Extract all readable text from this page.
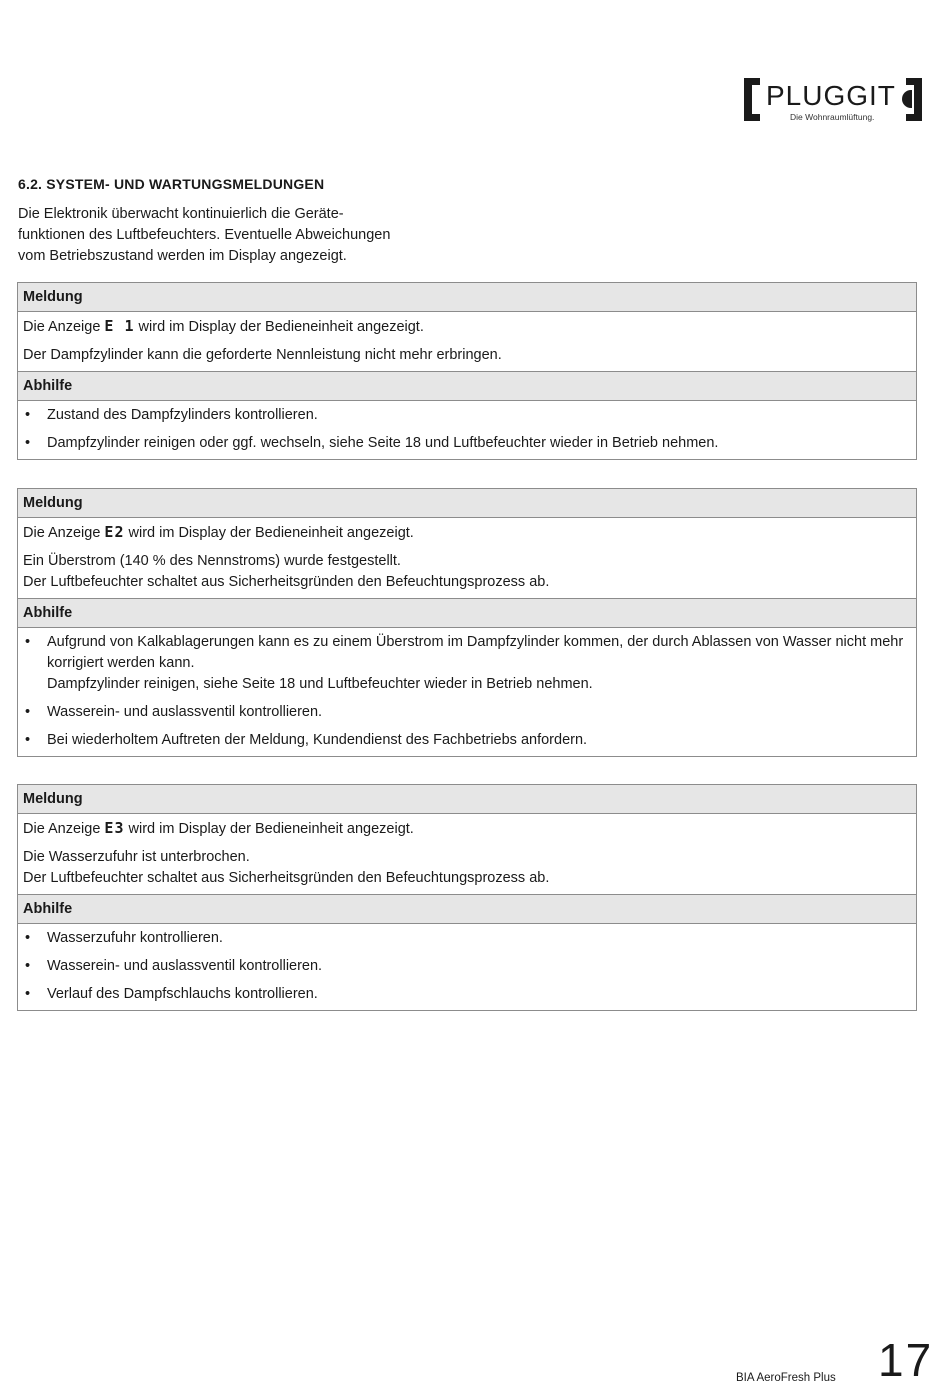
PLUGGIT
Die Wohnraumlüftung.
6.2. SYSTEM- UND WARTUNGSMELDUNGEN
Die Elektronik überwacht kontinuierlich die Geräte-
funktionen des Luftbefeuchters. Eventuelle Abweichungen
vom Betriebszustand werden im Display angezeigt.
Meldung
Die Anzeige E 1 wird im Display der Bedieneinheit angezeigt.
Der Dampfzylinder kann die geforderte Nennleistung nicht mehr erbringen.
Abhilfe
• Zustand des Dampfzylinders kontrollieren.
• Dampfzylinder reinigen oder ggf. wechseln, siehe Seite 18 und Luftbefeuchter wieder in Betrieb nehmen.
Meldung
Die Anzeige E2 wird im Display der Bedieneinheit angezeigt.
Ein Überstrom (140 % des Nennstroms) wurde festgestellt.
Der Luftbefeuchter schaltet aus Sicherheitsgründen den Befeuchtungsprozess ab.
Abhilfe
• Aufgrund von Kalkablagerungen kann es zu einem Überstrom im Dampfzylinder kommen, der durch Ablassen von Wasser nicht mehr korrigiert werden kann.
Dampfzylinder reinigen, siehe Seite 18 und Luftbefeuchter wieder in Betrieb nehmen.
• Wasserein- und auslassventil kontrollieren.
• Bei wiederholtem Auftreten der Meldung, Kundendienst des Fachbetriebs anfordern.
Meldung
Die Anzeige E3 wird im Display der Bedieneinheit angezeigt.
Die Wasserzufuhr ist unterbrochen.
Der Luftbefeuchter schaltet aus Sicherheitsgründen den Befeuchtungsprozess ab.
Abhilfe
• Wasserzufuhr kontrollieren.
• Wasserein- und auslassventil kontrollieren.
• Verlauf des Dampfschlauchs kontrollieren.
BIA AeroFresh Plus 17
